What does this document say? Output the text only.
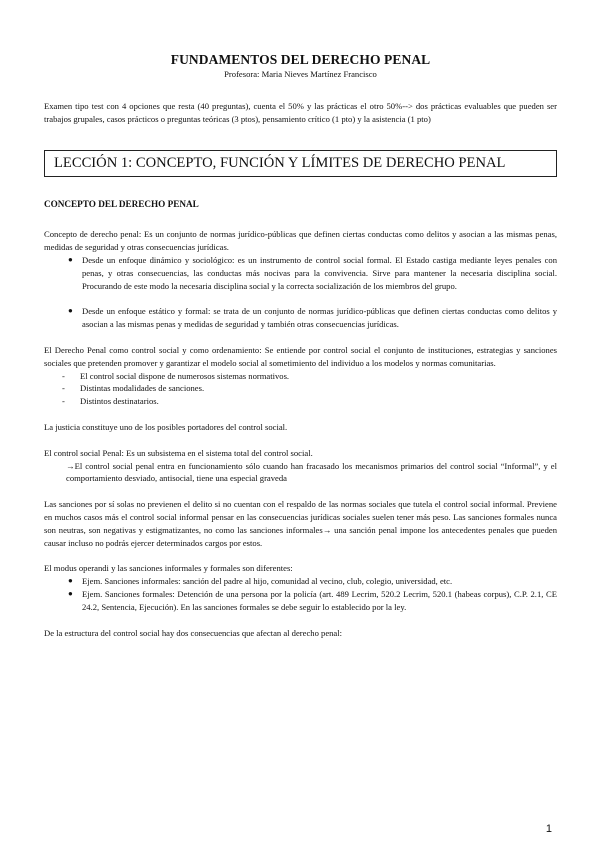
FUNDAMENTOS DEL DERECHO PENAL

Profesora: Maria Nieves Martínez Francisco

Examen tipo test con 4 opciones que resta (40 preguntas), cuenta el 50% y las prácticas el otro 50%--> dos prácticas evaluables que pueden ser trabajos grupales, casos prácticos o preguntas teóricas (3 ptos), pensamiento crítico (1 pto) y la asistencia (1 pto)

LECCIÓN 1: CONCEPTO, FUNCIÓN Y LÍMITES DE DERECHO PENAL
CONCEPTO DEL DERECHO PENAL

Concepto de derecho penal: Es un conjunto de normas jurídico-públicas que definen ciertas conductas como delitos y asocian a las mismas penas, medidas de seguridad y otras consecuencias jurídicas.

● Desde un enfoque dinámico y sociológico: es un instrumento de control social formal. El Estado castiga mediante leyes penales con penas, y otras consecuencias, las conductas más nocivas para la convivencia. Sirve para mantener la necesaria disciplina social. Procurando de este modo la necesaria disciplina social y la correcta socialización de los miembros del grupo.
● Desde un enfoque estático y formal: se trata de un conjunto de normas jurídico-públicas que definen ciertas conductas como delitos y asocian a las mismas penas y medidas de seguridad y también otras consecuencias jurídicas.

El Derecho Penal como control social y como ordenamiento: Se entiende por control social el conjunto de instituciones, estrategias y sanciones sociales que pretenden promover y garantizar el modelo social al sometimiento del individuo a los modelos y normas comunitarias.

- El control social dispone de numerosos sistemas normativos.
- Distintas modalidades de sanciones.
- Distintos destinatarios.

La justicia constituye uno de los posibles portadores del control social.

El control social Penal: Es un subsistema en el sistema total del control social.

→El control social penal entra en funcionamiento sólo cuando han fracasado los mecanismos primarios del control social “Informal”, y el comportamiento desviado, antisocial, tiene una especial graveda

Las sanciones por sí solas no previenen el delito si no cuentan con el respaldo de las normas sociales que tutela el control social informal. Previene en muchos casos más el control social informal pensar en las consecuencias jurídicas sociales suelen tener más peso. Las sanciones formales nunca son neutras, son negativas y estigmatizantes, no como las sanciones informales→ una sanción penal impone los antecedentes penales que pueden causar incluso no podrás ejercer determinados cargos por estos.

El modus operandi y las sanciones informales y formales son diferentes:

● Ejem. Sanciones informales: sanción del padre al hijo, comunidad al vecino, club, colegio, universidad, etc.
● Ejem. Sanciones formales: Detención de una persona por la policía (art. 489 Lecrim, 520.2 Lecrim, 520.1 (habeas corpus), C.P. 2.1, CE 24.2, Sentencia, Ejecución). En las sanciones formales se debe seguir lo establecido por la ley.

De la estructura del control social hay dos consecuencias que afectan al derecho penal:

1
